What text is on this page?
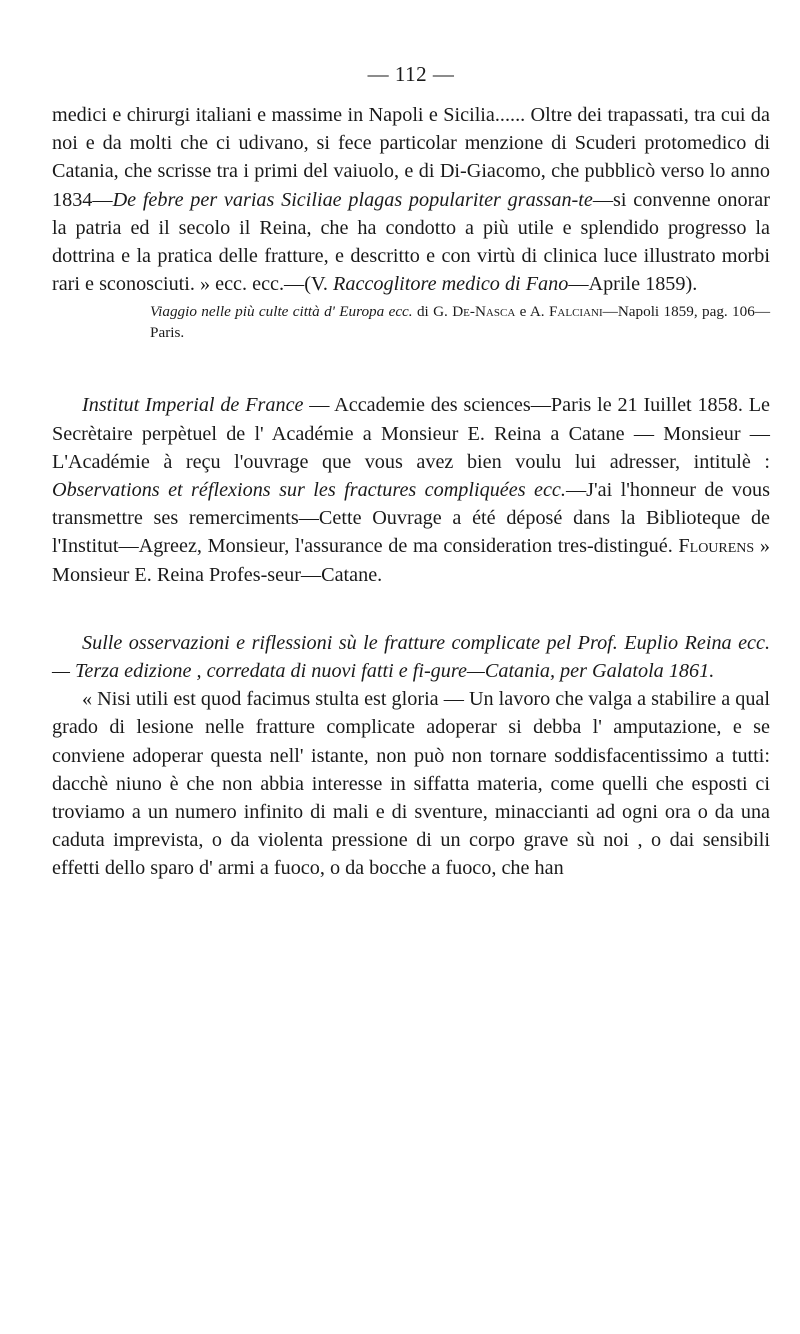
— 112 —

medici e chirurgi italiani e massime in Napoli e Sicilia...... Oltre dei trapassati, tra cui da noi e da molti che ci udivano, si fece particolar menzione di Scuderi protomedico di Catania, che scrisse tra i primi del vaiuolo, e di Di-Giacomo, che pubblicò verso lo anno 1834—De febre per varias Siciliae plagas populariter grassan-te—si convenne onorar la patria ed il secolo il Reina, che ha condotto a più utile e splendido progresso la dottrina e la pratica delle fratture, e descritto e con virtù di clinica luce illustrato morbi rari e sconosciuti. » ecc. ecc.—(V. Raccoglitore medico di Fano—Aprile 1859).

Viaggio nelle più culte città d' Europa ecc. di G. De-Nasca e A. Falciani—Napoli 1859, pag. 106—Paris.

Institut Imperial de France — Accademie des sciences—Paris le 21 Iuillet 1858. Le Secrètaire perpètuel de l' Académie a Monsieur E. Reina a Catane — Monsieur — L'Académie à reçu l'ouvrage que vous avez bien voulu lui adresser, intitulè : Observations et réflexions sur les fractures compliquées ecc.—J'ai l'honneur de vous transmettre ses remerciments—Cette Ouvrage a été déposé dans la Biblioteque de l'Institut—Agreez, Monsieur, l'assurance de ma consideration tres-distingué. Flourens » Monsieur E. Reina Profes-seur—Catane.

Sulle osservazioni e riflessioni sù le fratture complicate pel Prof. Euplio Reina ecc. — Terza edizione , corredata di nuovi fatti e fi-gure—Catania, per Galatola 1861.

« Nisi utili est quod facimus stulta est gloria — Un lavoro che valga a stabilire a qual grado di lesione nelle fratture complicate adoperar si debba l' amputazione, e se conviene adoperar questa nell' istante, non può non tornare soddisfacentissimo a tutti: dacchè niuno è che non abbia interesse in siffatta materia, come quelli che esposti ci troviamo a un numero infinito di mali e di sventure, minaccianti ad ogni ora o da una caduta imprevista, o da violenta pressione di un corpo grave sù noi , o dai sensibili effetti dello sparo d' armi a fuoco, o da bocche a fuoco, che han
